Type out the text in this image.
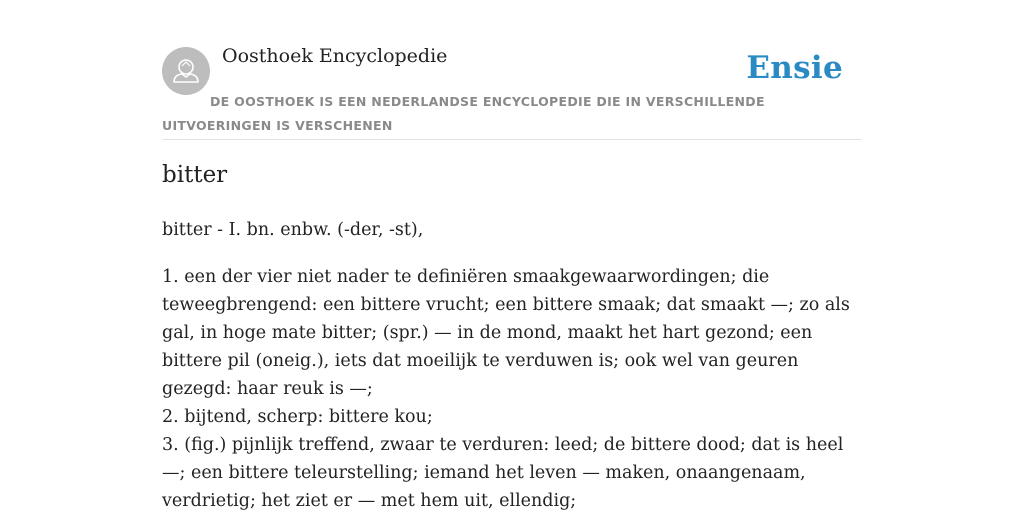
Oosthoek Encyclopedie	Ensie
DE OOSTHOEK IS EEN NEDERLANDSE ENCYCLOPEDIE DIE IN VERSCHILLENDE UITVOERINGEN IS VERSCHENEN
bitter

bitter - I. bn. enbw. (-der, -st),

1. een der vier niet nader te definiëren smaakgewaarwordingen; die teweegbrengend: een bittere vrucht; een bittere smaak; dat smaakt —; zo als gal, in hoge mate bitter; (spr.) — in de mond, maakt het hart gezond; een bittere pil (oneig.), iets dat moeilijk te verduwen is; ook wel van geuren gezegd: haar reuk is —;

2. bijtend, scherp: bittere kou;

3. (fig.) pijnlijk treffend, zwaar te verduren: leed; de bittere dood; dat is heel —; een bittere teleurstelling; iemand het leven — maken, onaangenaam, verdrietig; het ziet er — met hem uit, ellendig;
